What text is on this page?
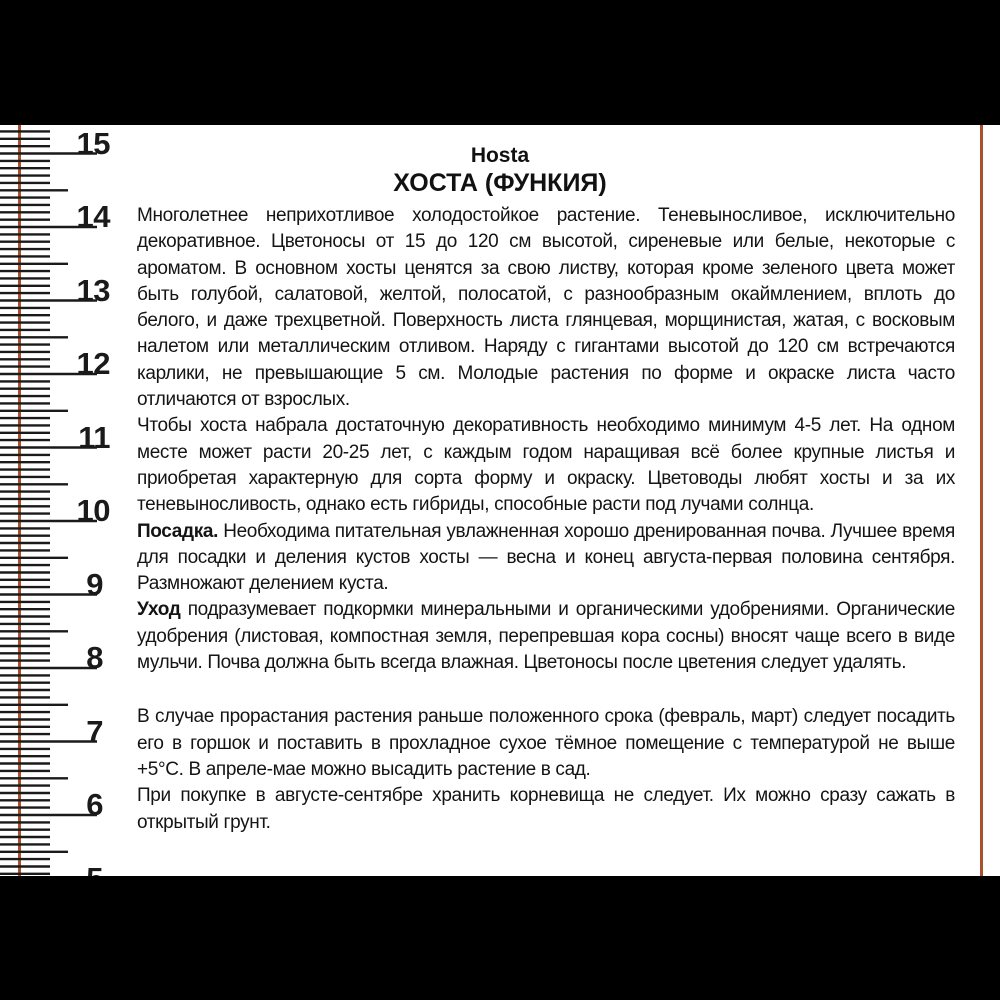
15
14
13
12
11
10
9
8
7
6
Hosta
ХОСТА (ФУНКИЯ)

Многолетнее неприхотливое холодостойкое растение. Теневыносливое, исключительно декоративное. Цветоносы от 15 до 120 см высотой, сиреневые или белые, некоторые с ароматом. В основном хосты ценятся за свою листву, которая кроме зеленого цвета может быть голубой, салатовой, желтой, полосатой, с разнообразным окаймлением, вплоть до белого, и даже трехцветной. Поверхность листа глянцевая, морщинистая, жатая, с восковым налетом или металлическим отливом. Наряду с гигантами высотой до 120 см встречаются карлики, не превышающие 5 см. Молодые растения по форме и окраске листа часто отличаются от взрослых.

Чтобы хоста набрала достаточную декоративность необходимо минимум 4-5 лет. На одном месте может расти 20-25 лет, с каждым годом наращивая всё более крупные листья и приобретая характерную для сорта форму и окраску. Цветоводы любят хосты и за их теневыносливость, однако есть гибриды, способные расти под лучами солнца.

Посадка. Необходима питательная увлажненная хорошо дренированная почва. Лучшее время для посадки и деления кустов хосты — весна и конец августа-первая половина сентября. Размножают делением куста.

Уход подразумевает подкормки минеральными и органическими удобрениями. Органические удобрения (листовая, компостная земля, перепревшая кора сосны) вносят чаще всего в виде мульчи. Почва должна быть всегда влажная. Цветоносы после цветения следует удалять.

В случае прорастания растения раньше положенного срока (февраль, март) следует посадить его в горшок и поставить в прохладное сухое тёмное помещение с температурой не выше +5°С. В апреле-мае можно высадить растение в сад.

При покупке в августе-сентябре хранить корневища не следует. Их можно сразу сажать в открытый грунт.
